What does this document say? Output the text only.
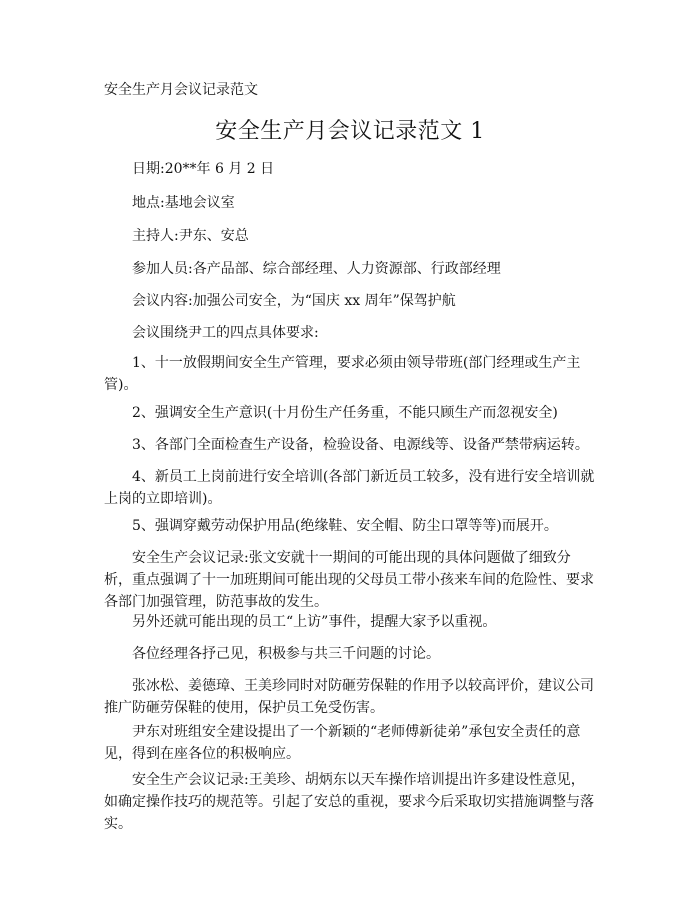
安全生产月会议记录范文
安全生产月会议记录范文 1

日期:20**年 6 月 2 日

地点:基地会议室

主持人:尹东、安总

参加人员:各产品部、综合部经理、人力资源部、行政部经理

会议内容:加强公司安全，为“国庆 xx 周年”保驾护航

会议围绕尹工的四点具体要求:

1、十一放假期间安全生产管理，要求必须由领导带班(部门经理或生产主管)。

2、强调安全生产意识(十月份生产任务重，不能只顾生产而忽视安全)

3、各部门全面检查生产设备，检验设备、电源线等、设备严禁带病运转。

4、新员工上岗前进行安全培训(各部门新近员工较多，没有进行安全培训就上岗的立即培训)。

5、强调穿戴劳动保护用品(绝缘鞋、安全帽、防尘口罩等等)而展开。

安全生产会议记录:张文安就十一期间的可能出现的具体问题做了细致分析，重点强调了十一加班期间可能出现的父母员工带小孩来车间的危险性、要求各部门加强管理，防范事故的发生。

另外还就可能出现的员工“上访”事件，提醒大家予以重视。

各位经理各抒己见，积极参与共三千问题的讨论。

张冰松、姜德璋、王美珍同时对防砸劳保鞋的作用予以较高评价，建议公司推广防砸劳保鞋的使用，保护员工免受伤害。

尹东对班组安全建设提出了一个新颖的“老师傅新徒弟”承包安全责任的意见，得到在座各位的积极响应。

安全生产会议记录:王美珍、胡炳东以天车操作培训提出许多建设性意见，如确定操作技巧的规范等。引起了安总的重视，要求今后采取切实措施调整与落实。
